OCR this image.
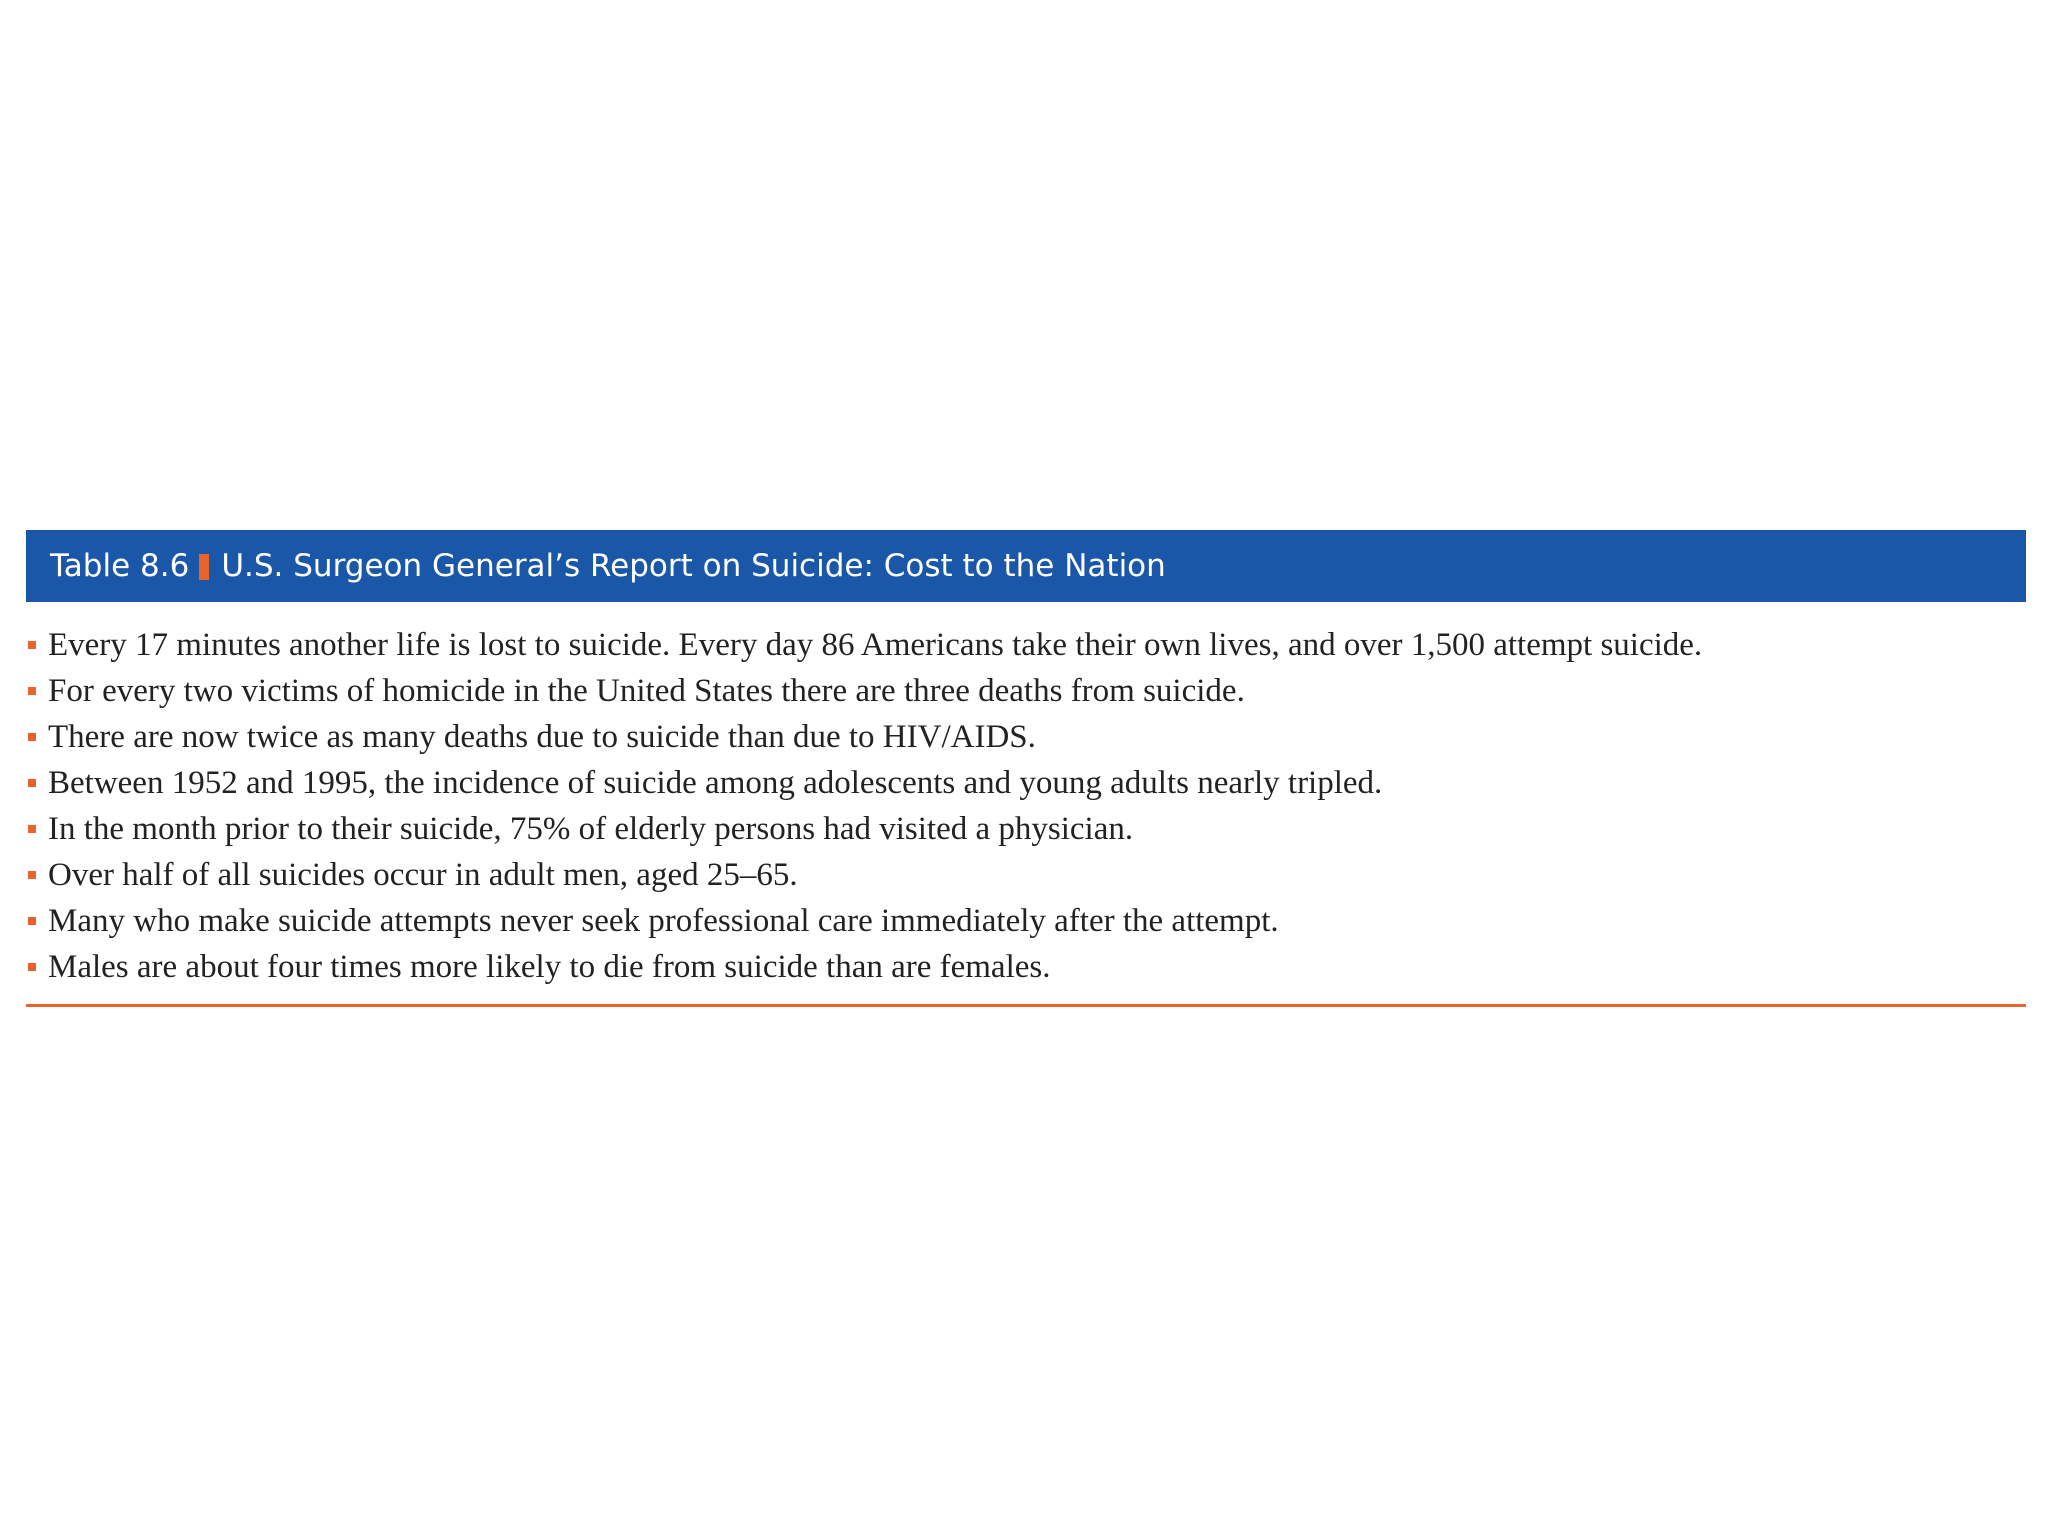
Table 8.6 U.S. Surgeon General’s Report on Suicide: Cost to the Nation
Every 17 minutes another life is lost to suicide. Every day 86 Americans take their own lives, and over 1,500 attempt suicide.
For every two victims of homicide in the United States there are three deaths from suicide.
There are now twice as many deaths due to suicide than due to HIV/AIDS.
Between 1952 and 1995, the incidence of suicide among adolescents and young adults nearly tripled.
In the month prior to their suicide, 75% of elderly persons had visited a physician.
Over half of all suicides occur in adult men, aged 25–65.
Many who make suicide attempts never seek professional care immediately after the attempt.
Males are about four times more likely to die from suicide than are females.
